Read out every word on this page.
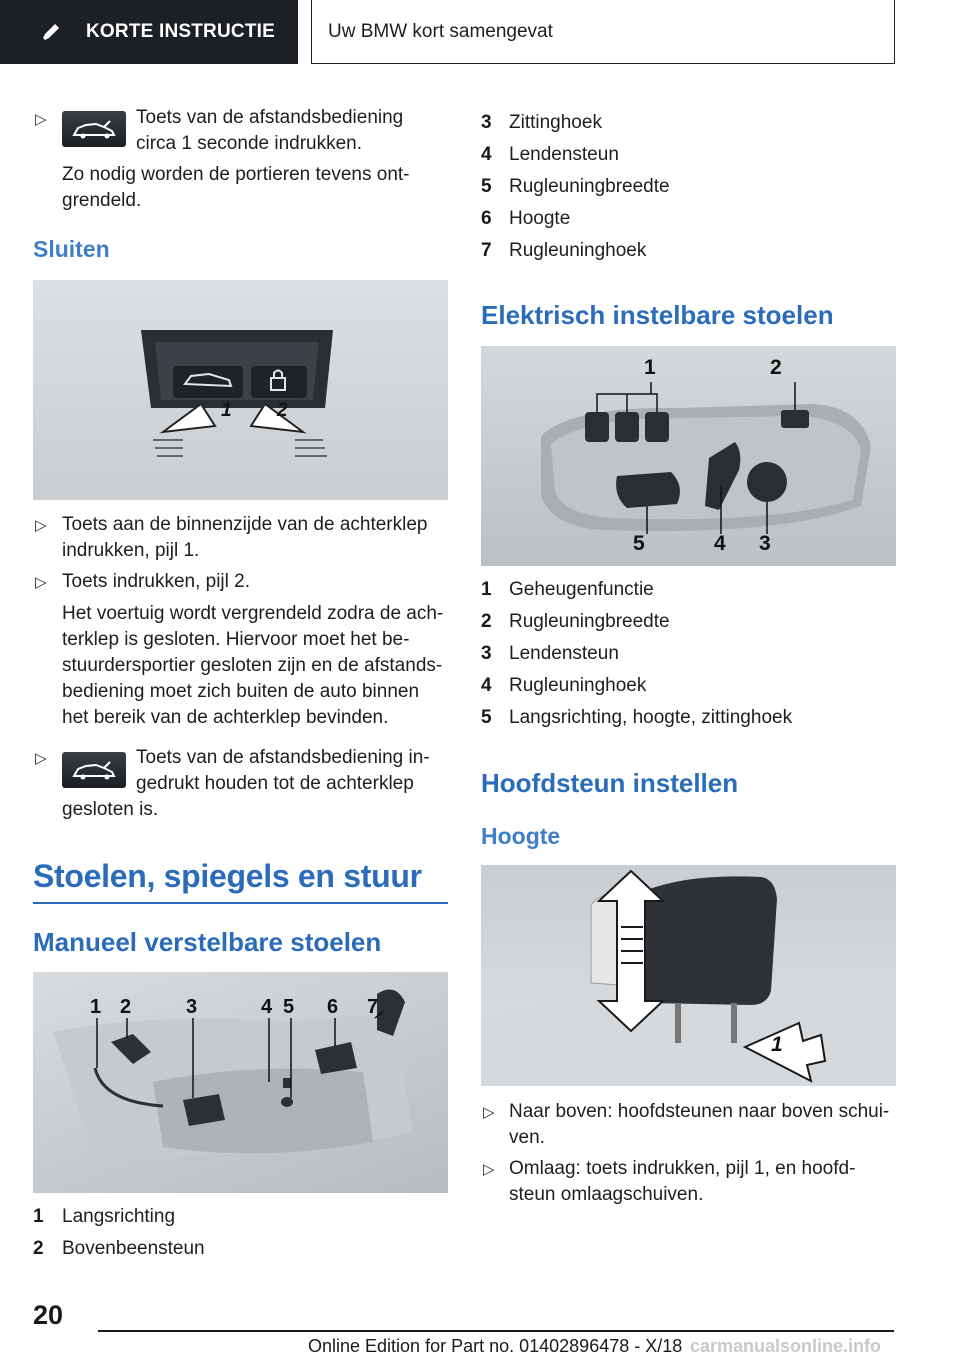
KORTE INSTRUCTIE	Uw BMW kort samengevat
▷	Toets van de afstandsbediening
circa 1 seconde indrukken.
Zo nodig worden de portieren tevens ont-
grendeld.
Sluiten
1 2
▷ Toets aan de binnenzijde van de achterklep
indrukken, pijl 1.
▷ Toets indrukken, pijl 2.
Het voertuig wordt vergrendeld zodra de ach-
terklep is gesloten. Hiervoor moet het be-
stuurdersportier gesloten zijn en de afstands-
bediening moet zich buiten de auto binnen
het bereik van de achterklep bevinden.
▷	Toets van de afstandsbediening in-
gedrukt houden tot de achterklep
gesloten is.
Stoelen, spiegels en stuur
Manueel verstelbare stoelen
1 2	3	4 5 6 7
1 Langsrichting
2 Bovenbeensteun
3 Zittinghoek
4 Lendensteun
5 Rugleuningbreedte
6 Hoogte
7 Rugleuninghoek
Elektrisch instelbare stoelen
1	2
5	4 3
1 Geheugenfunctie
2 Rugleuningbreedte
3 Lendensteun
4 Rugleuninghoek
5 Langsrichting, hoogte, zittinghoek
Hoofdsteun instellen
Hoogte
1
▷ Naar boven: hoofdsteunen naar boven schui-
ven.
▷ Omlaag: toets indrukken, pijl 1, en hoofd-
steun omlaagschuiven.
20
Online Edition for Part no. 01402896478 - X/18 carmanualsonline.info
